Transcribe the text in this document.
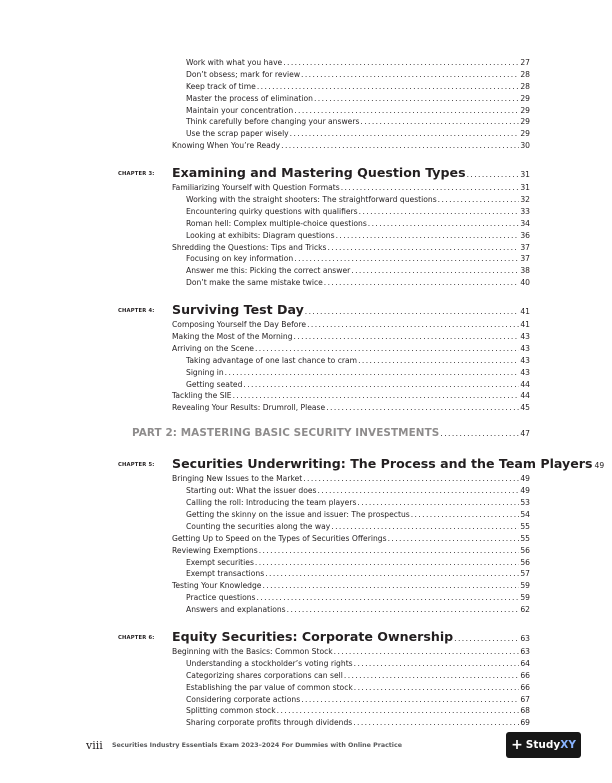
Work with what you have .....	27
Don’t obsess; mark for review .....	28
Keep track of time .....	28
Master the process of elimination .....	29
Maintain your concentration .....	29
Think carefully before changing your answers .....	29
Use the scrap paper wisely .....	29
Knowing When You’re Ready .....	30
CHAPTER 3: Examining and Mastering Question Types .....	31
Familiarizing Yourself with Question Formats .....	31
Working with the straight shooters: The straightforward questions .....	32
Encountering quirky questions with qualifiers .....	33
Roman hell: Complex multiple-choice questions .....	34
Looking at exhibits: Diagram questions .....	36
Shredding the Questions: Tips and Tricks .....	37
Focusing on key information .....	37
Answer me this: Picking the correct answer .....	38
Don’t make the same mistake twice .....	40
CHAPTER 4: Surviving Test Day .....	41
Composing Yourself the Day Before .....	41
Making the Most of the Morning .....	43
Arriving on the Scene .....	43
Taking advantage of one last chance to cram .....	43
Signing in .....	43
Getting seated .....	44
Tackling the SIE .....	44
Revealing Your Results: Drumroll, Please .....	45
PART 2: MASTERING BASIC SECURITY INVESTMENTS .....	47
CHAPTER 5: Securities Underwriting: The Process and the Team Players 49
Bringing New Issues to the Market .....	49
Starting out: What the issuer does .....	49
Calling the roll: Introducing the team players .....	53
Getting the skinny on the issue and issuer: The prospectus .....	54
Counting the securities along the way .....	55
Getting Up to Speed on the Types of Securities Offerings .....	55
Reviewing Exemptions .....	56
Exempt securities .....	56
Exempt transactions .....	57
Testing Your Knowledge .....	59
Practice questions .....	59
Answers and explanations .....	62
CHAPTER 6: Equity Securities: Corporate Ownership .....	63
Beginning with the Basics: Common Stock .....	63
Understanding a stockholder’s voting rights .....	64
Categorizing shares corporations can sell .....	66
Establishing the par value of common stock .....	66
Considering corporate actions .....	67
Splitting common stock .....	68
Sharing corporate profits through dividends .....	69
viii Securities Industry Essentials Exam 2023–2024 For Dummies with Online Practice	+ Study XY
